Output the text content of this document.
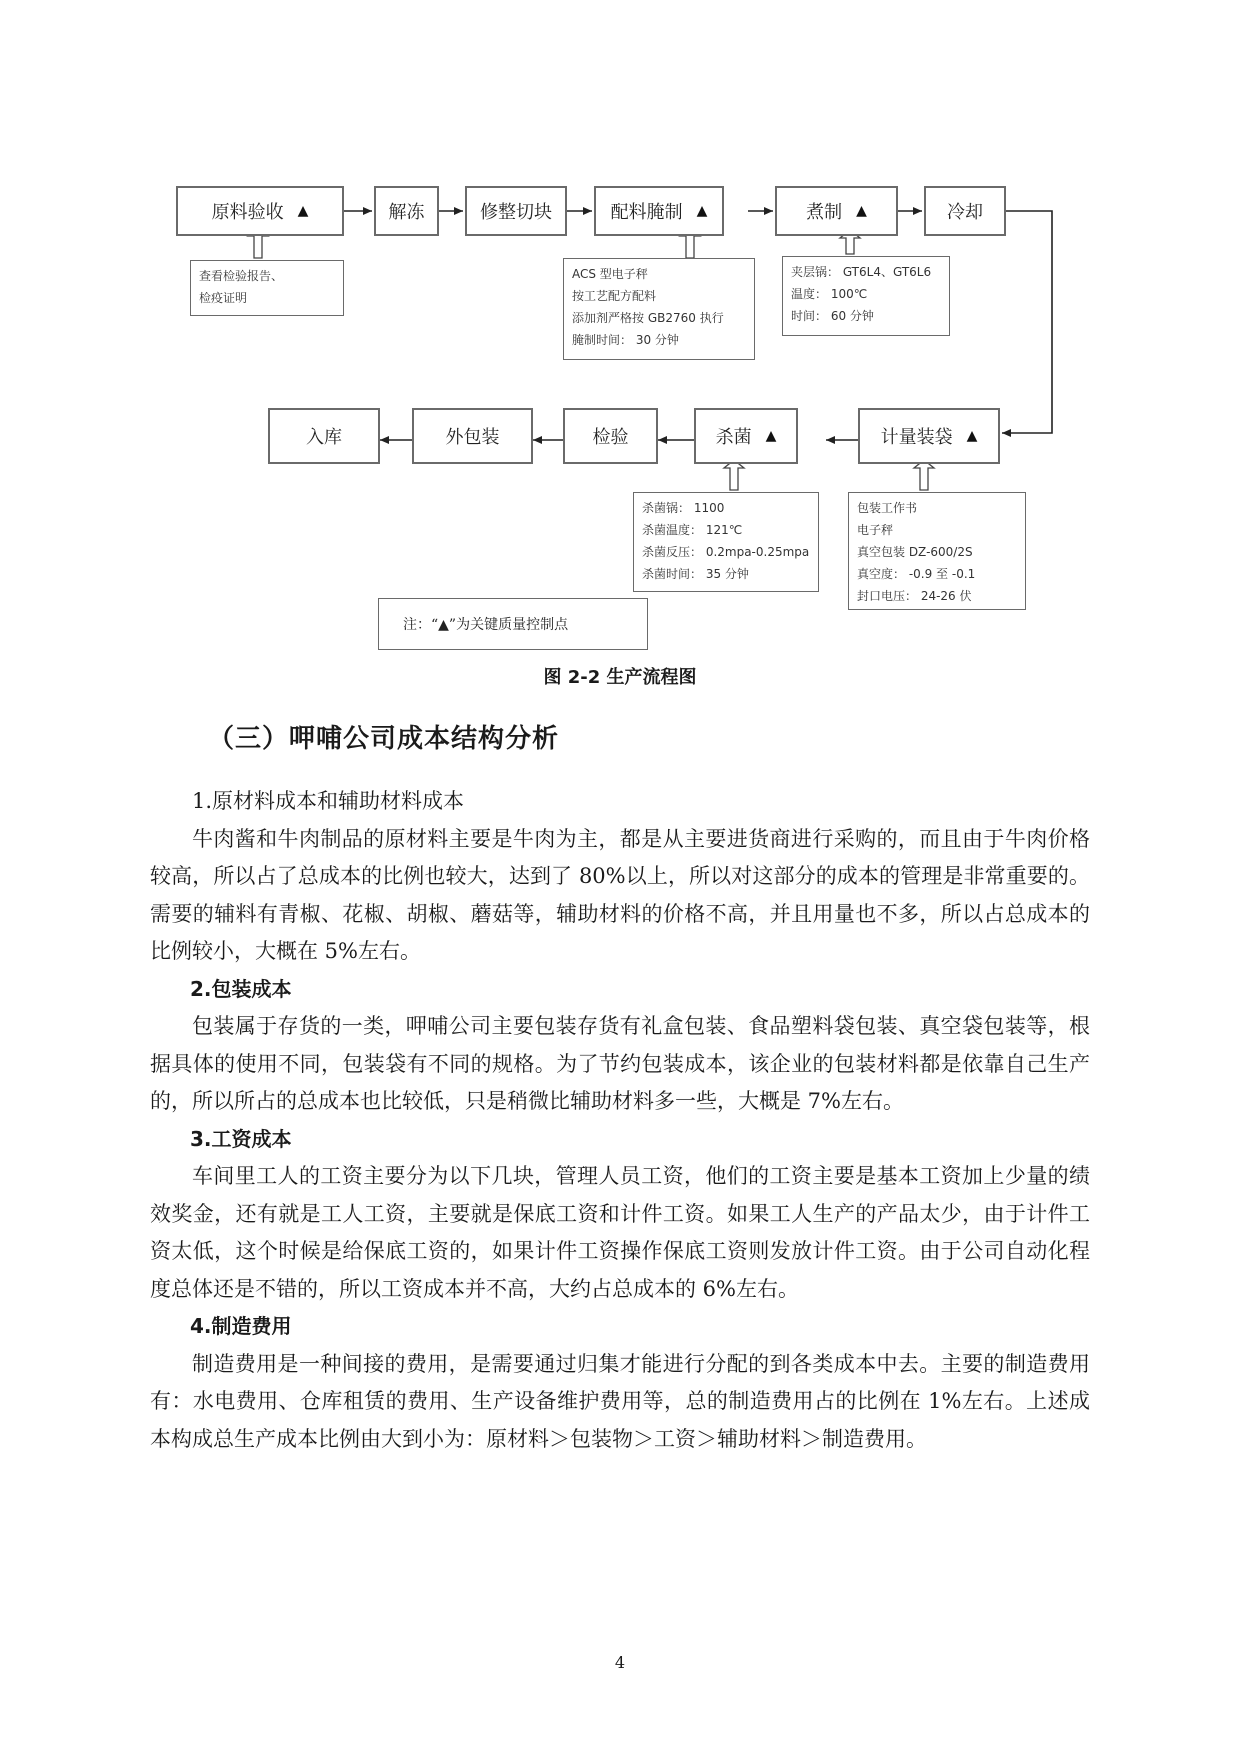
原料验收 ▲	解冻	修整切块	配料腌制 ▲	煮制 ▲	冷却
查看检验报告、
检疫证明
ACS 型电子秤
按工艺配方配料
添加剂严格按 GB2760 执行
腌制时间： 30 分钟
夹层锅： GT6L4、GT6L6
温度： 100℃
时间： 60 分钟
入库	外包装	检验	杀菌 ▲	计量装袋 ▲
杀菌锅： 1100
杀菌温度： 121℃
杀菌反压： 0.2mpa-0.25mpa
杀菌时间： 35 分钟
包装工作书
电子秤
真空包装 DZ-600/2S
真空度： -0.9 至 -0.1
封口电压： 24-26 伏
注：“▲”为关键质量控制点
图 2-2 生产流程图
（三）呷哺公司成本结构分析
1.原材料成本和辅助材料成本

牛肉酱和牛肉制品的原材料主要是牛肉为主，都是从主要进货商进行采购的，而且由于牛肉价格较高，所以占了总成本的比例也较大，达到了 80%以上，所以对这部分的成本的管理是非常重要的。需要的辅料有青椒、花椒、胡椒、蘑菇等，辅助材料的价格不高，并且用量也不多，所以占总成本的比例较小，大概在 5%左右。

2.包装成本

包装属于存货的一类，呷哺公司主要包装存货有礼盒包装、食品塑料袋包装、真空袋包装等，根据具体的使用不同，包装袋有不同的规格。为了节约包装成本，该企业的包装材料都是依靠自己生产的，所以所占的总成本也比较低，只是稍微比辅助材料多一些，大概是 7%左右。

3.工资成本

车间里工人的工资主要分为以下几块，管理人员工资，他们的工资主要是基本工资加上少量的绩效奖金，还有就是工人工资，主要就是保底工资和计件工资。如果工人生产的产品太少，由于计件工资太低，这个时候是给保底工资的，如果计件工资操作保底工资则发放计件工资。由于公司自动化程度总体还是不错的，所以工资成本并不高，大约占总成本的 6%左右。

4.制造费用

制造费用是一种间接的费用，是需要通过归集才能进行分配的到各类成本中去。主要的制造费用有：水电费用、仓库租赁的费用、生产设备维护费用等，总的制造费用占的比例在 1%左右。上述成本构成总生产成本比例由大到小为：原材料＞包装物＞工资＞辅助材料＞制造费用。

4
